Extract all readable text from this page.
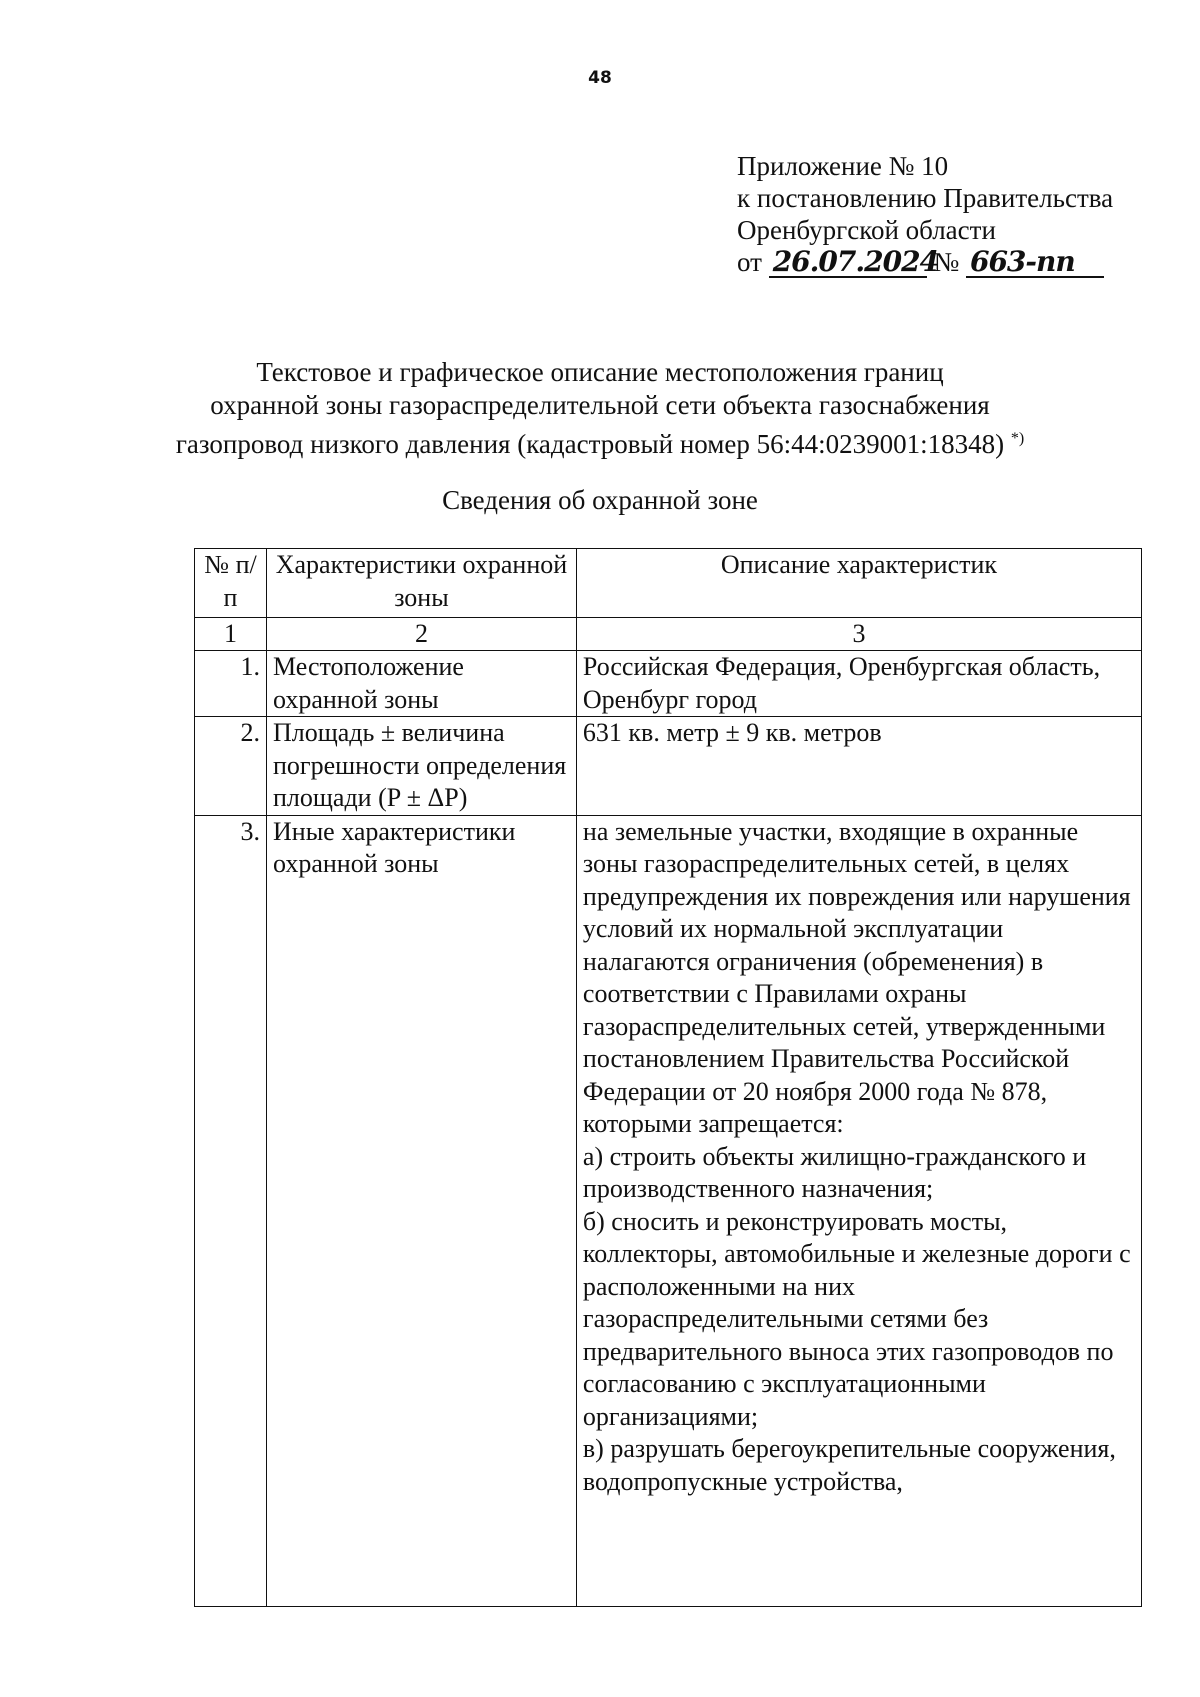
48
Приложение № 10
к постановлению Правительства
Оренбургской области
от 26.07.2024 № 663-пп
Текстовое и графическое описание местоположения границ
охранной зоны газораспределительной сети объекта газоснабжения
газопровод низкого давления (кадастровый номер 56:44:0239001:18348) *)
Сведения об охранной зоне
№ п/п	Характеристики охранной зоны	Описание характеристик
1	2	3
1.	Местоположение охранной зоны	Российская Федерация, Оренбургская область, Оренбург город
2.	Площадь ± величина погрешности определения площади (P ± ΔP)	631 кв. метр ± 9 кв. метров
3.	Иные характеристики охранной зоны	на земельные участки, входящие в охранные зоны газораспределительных сетей, в целях предупреждения их повреждения или нарушения условий их нормальной эксплуатации налагаются ограничения (обременения) в соответствии с Правилами охраны газораспределительных сетей, утвержденными постановлением Правительства Российской Федерации от 20 ноября 2000 года № 878, которыми запрещается:
а) строить объекты жилищно-гражданского и производственного назначения;
б) сносить и реконструировать мосты, коллекторы, автомобильные и железные дороги с расположенными на них газораспределительными сетями без предварительного выноса этих газопроводов по согласованию с эксплуатационными организациями;
в) разрушать берегоукрепительные сооружения, водопропускные устройства,
